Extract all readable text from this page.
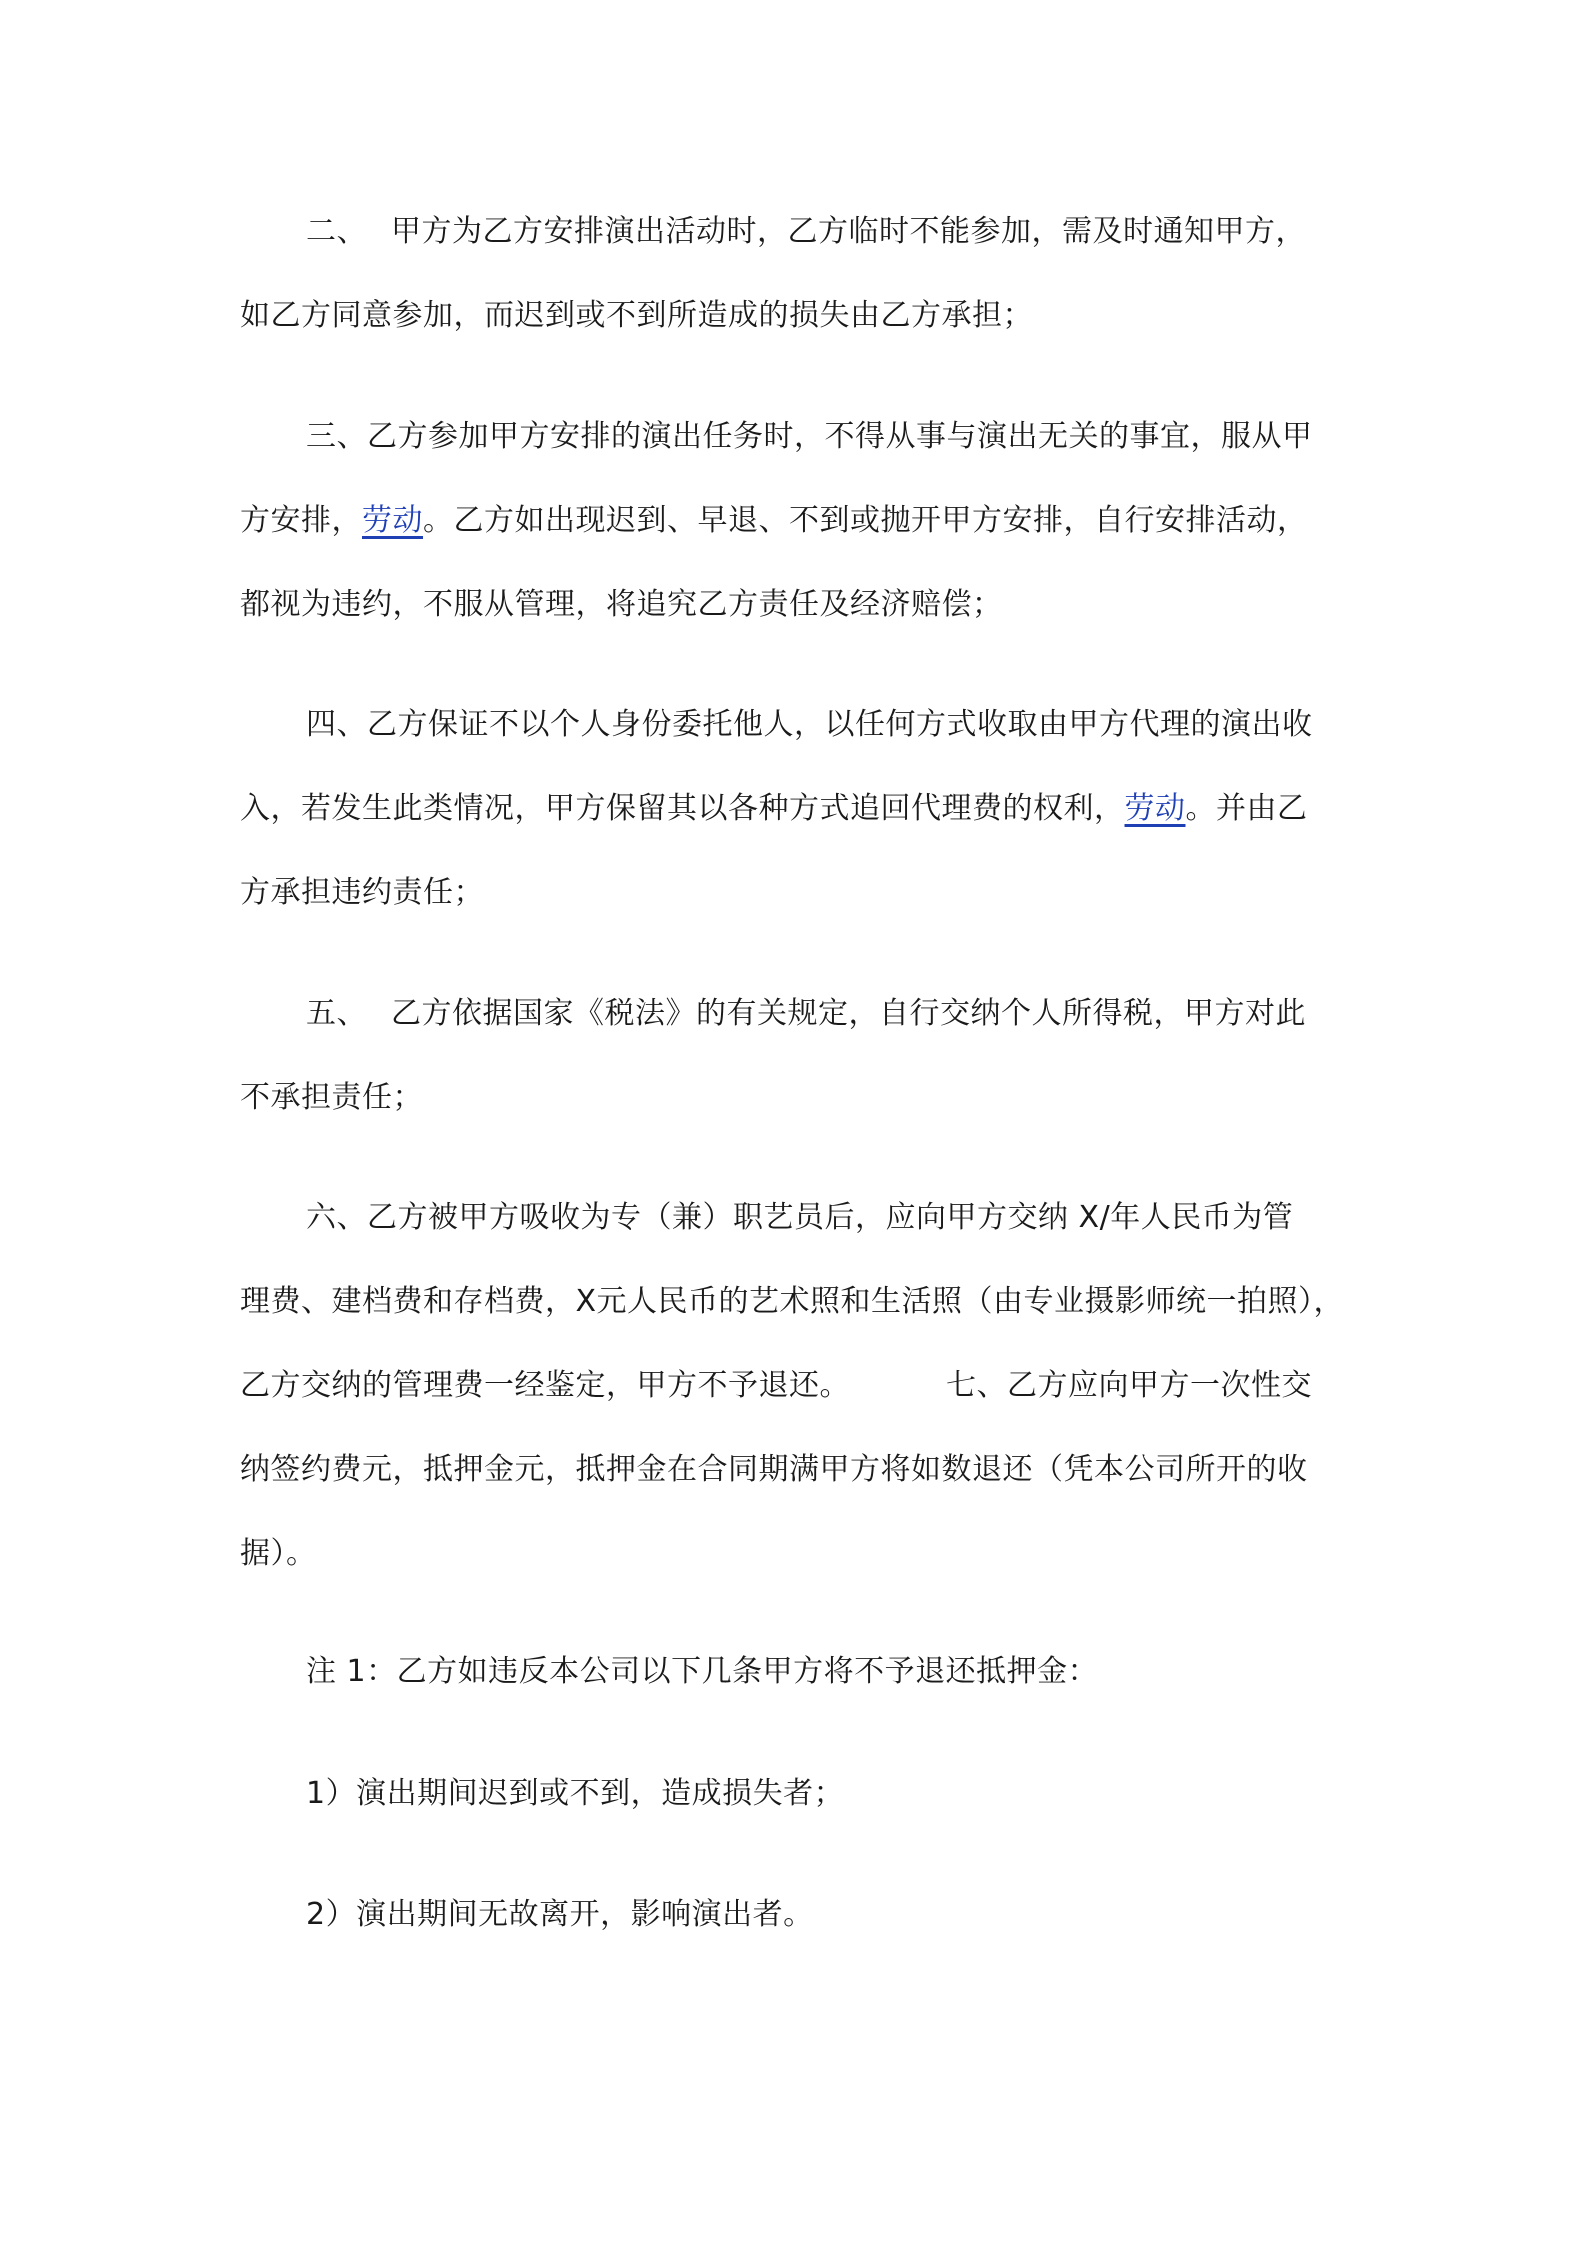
二、 甲方为乙方安排演出活动时，乙方临时不能参加，需及时通知甲方，
如乙方同意参加，而迟到或不到所造成的损失由乙方承担；
三、乙方参加甲方安排的演出任务时，不得从事与演出无关的事宜，服从甲
方安排，劳动。乙方如出现迟到、早退、不到或抛开甲方安排，自行安排活动，
都视为违约，不服从管理，将追究乙方责任及经济赔偿；
四、乙方保证不以个人身份委托他人，以任何方式收取由甲方代理的演出收
入，若发生此类情况，甲方保留其以各种方式追回代理费的权利，劳动。并由乙
方承担违约责任；
五、 乙方依据国家《税法》的有关规定，自行交纳个人所得税，甲方对此
不承担责任；
六、乙方被甲方吸收为专（兼）职艺员后，应向甲方交纳 X/年人民币为管
理费、建档费和存档费，X元人民币的艺术照和生活照（由专业摄影师统一拍照），
乙方交纳的管理费一经鉴定，甲方不予退还。	七、乙方应向甲方一次性交
纳签约费元，抵押金元，抵押金在合同期满甲方将如数退还（凭本公司所开的收
据）。
注 1：乙方如违反本公司以下几条甲方将不予退还抵押金：
1）演出期间迟到或不到，造成损失者；
2）演出期间无故离开，影响演出者。
